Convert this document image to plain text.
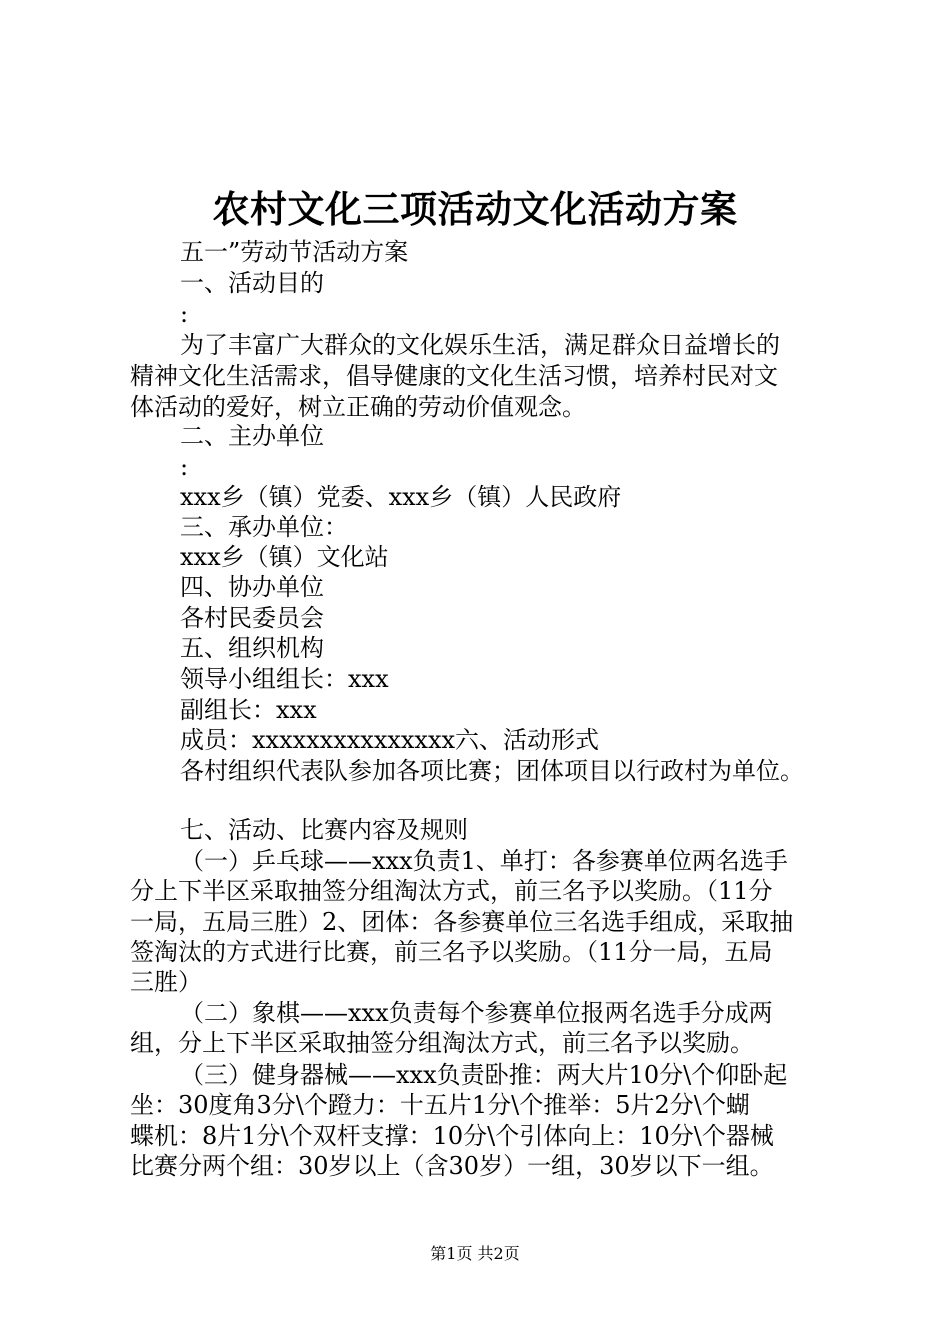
农村文化三项活动文化活动方案
五一”劳动节活动方案
一、活动目的
:
为了丰富广大群众的文化娱乐生活，满足群众日益增长的
精神文化生活需求，倡导健康的文化生活习惯，培养村民对文
体活动的爱好，树立正确的劳动价值观念。
二、主办单位
:
xxx乡（镇）党委、xxx乡（镇）人民政府
三、承办单位：
xxx乡（镇）文化站
四、协办单位
各村民委员会
五、组织机构
领导小组组长：xxx
副组长：xxx
成员：xxxxxxxxxxxxxxx六、活动形式
各村组织代表队参加各项比赛；团体项目以行政村为单位。
七、活动、比赛内容及规则
（一）乒乓球——xxx负责1、单打：各参赛单位两名选手
分上下半区采取抽签分组淘汰方式，前三名予以奖励。（11分
一局，五局三胜）2、团体：各参赛单位三名选手组成，采取抽
签淘汰的方式进行比赛，前三名予以奖励。（11分一局，五局
三胜）
（二）象棋——xxx负责每个参赛单位报两名选手分成两
组，分上下半区采取抽签分组淘汰方式，前三名予以奖励。
（三）健身器械——xxx负责卧推：两大片10分\个仰卧起
坐：30度角3分\个蹬力：十五片1分\个推举：5片2分\个蝴
蝶机：8片1分\个双杆支撑：10分\个引体向上：10分\个器械
比赛分两个组：30岁以上（含30岁）一组，30岁以下一组。
第1页 共2页
